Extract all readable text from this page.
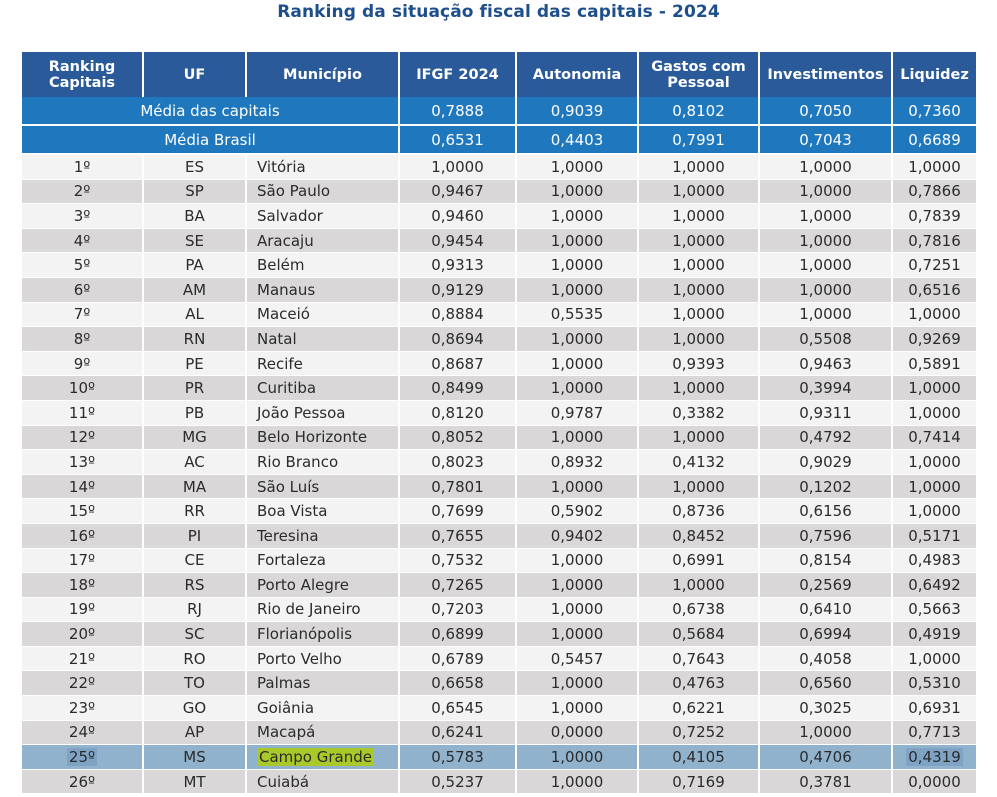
Ranking da situação fiscal das capitais - 2024
Ranking Capitais	UF	Município	IFGF 2024	Autonomia	Gastos com Pessoal	Investimentos	Liquidez
Média das capitais			0,7888	0,9039	0,8102	0,7050	0,7360
Média Brasil			0,6531	0,4403	0,7991	0,7043	0,6689
1º	ES	Vitória	1,0000	1,0000	1,0000	1,0000	1,0000
2º	SP	São Paulo	0,9467	1,0000	1,0000	1,0000	0,7866
3º	BA	Salvador	0,9460	1,0000	1,0000	1,0000	0,7839
4º	SE	Aracaju	0,9454	1,0000	1,0000	1,0000	0,7816
5º	PA	Belém	0,9313	1,0000	1,0000	1,0000	0,7251
6º	AM	Manaus	0,9129	1,0000	1,0000	1,0000	0,6516
7º	AL	Maceió	0,8884	0,5535	1,0000	1,0000	1,0000
8º	RN	Natal	0,8694	1,0000	1,0000	0,5508	0,9269
9º	PE	Recife	0,8687	1,0000	0,9393	0,9463	0,5891
10º	PR	Curitiba	0,8499	1,0000	1,0000	0,3994	1,0000
11º	PB	João Pessoa	0,8120	0,9787	0,3382	0,9311	1,0000
12º	MG	Belo Horizonte	0,8052	1,0000	1,0000	0,4792	0,7414
13º	AC	Rio Branco	0,8023	0,8932	0,4132	0,9029	1,0000
14º	MA	São Luís	0,7801	1,0000	1,0000	0,1202	1,0000
15º	RR	Boa Vista	0,7699	0,5902	0,8736	0,6156	1,0000
16º	PI	Teresina	0,7655	0,9402	0,8452	0,7596	0,5171
17º	CE	Fortaleza	0,7532	1,0000	0,6991	0,8154	0,4983
18º	RS	Porto Alegre	0,7265	1,0000	1,0000	0,2569	0,6492
19º	RJ	Rio de Janeiro	0,7203	1,0000	0,6738	0,6410	0,5663
20º	SC	Florianópolis	0,6899	1,0000	0,5684	0,6994	0,4919
21º	RO	Porto Velho	0,6789	0,5457	0,7643	0,4058	1,0000
22º	TO	Palmas	0,6658	1,0000	0,4763	0,6560	0,5310
23º	GO	Goiânia	0,6545	1,0000	0,6221	0,3025	0,6931
24º	AP	Macapá	0,6241	0,0000	0,7252	1,0000	0,7713
25º	MS	Campo Grande	0,5783	1,0000	0,4105	0,4706	0,4319
26º	MT	Cuiabá	0,5237	1,0000	0,7169	0,3781	0,0000
